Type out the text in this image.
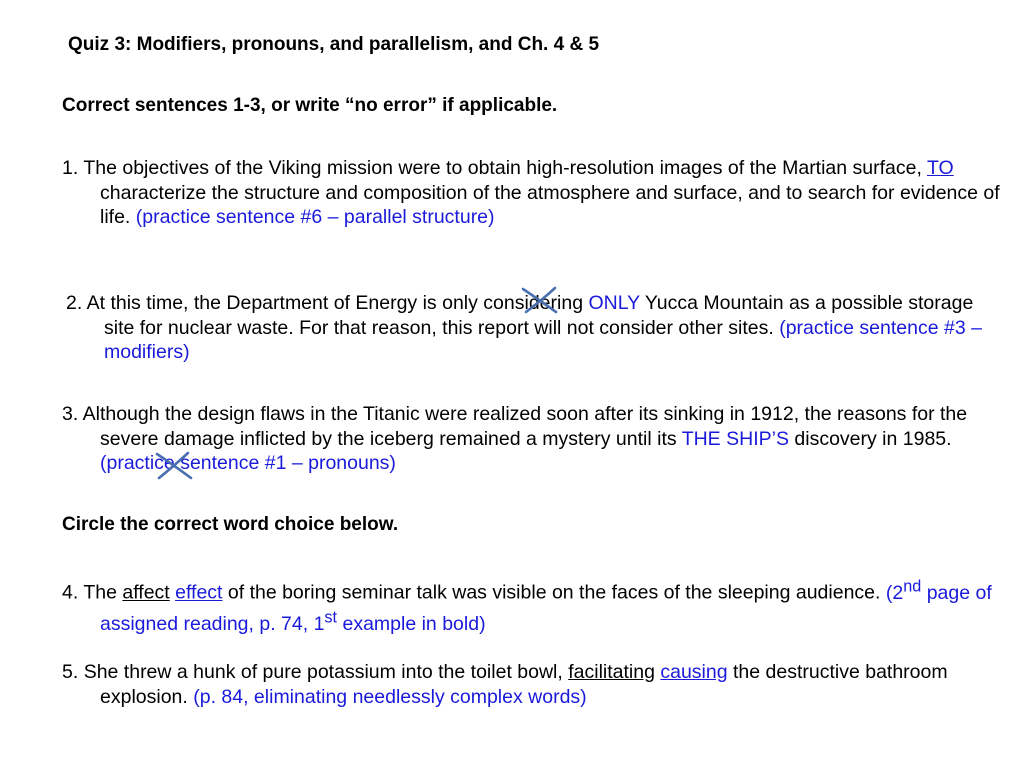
Quiz 3: Modifiers, pronouns, and parallelism, and Ch. 4 & 5

Correct sentences 1-3, or write “no error” if applicable.

1. The objectives of the Viking mission were to obtain high-resolution images of the Martian surface, TO characterize the structure and composition of the atmosphere and surface, and to search for evidence of life. (practice sentence #6 – parallel structure)

2. At this time, the Department of Energy is only considering ONLY Yucca Mountain as a possible storage site for nuclear waste. For that reason, this report will not consider other sites. (practice sentence #3 – modifiers)

3. Although the design flaws in the Titanic were realized soon after its sinking in 1912, the reasons for the severe damage inflicted by the iceberg remained a mystery until its THE SHIP’S discovery in 1985. (practice sentence #1 – pronouns)

Circle the correct word choice below.

4. The affect effect of the boring seminar talk was visible on the faces of the sleeping audience. (2nd page of assigned reading, p. 74, 1st example in bold)

5. She threw a hunk of pure potassium into the toilet bowl, facilitating causing the destructive bathroom explosion. (p. 84, eliminating needlessly complex words)
